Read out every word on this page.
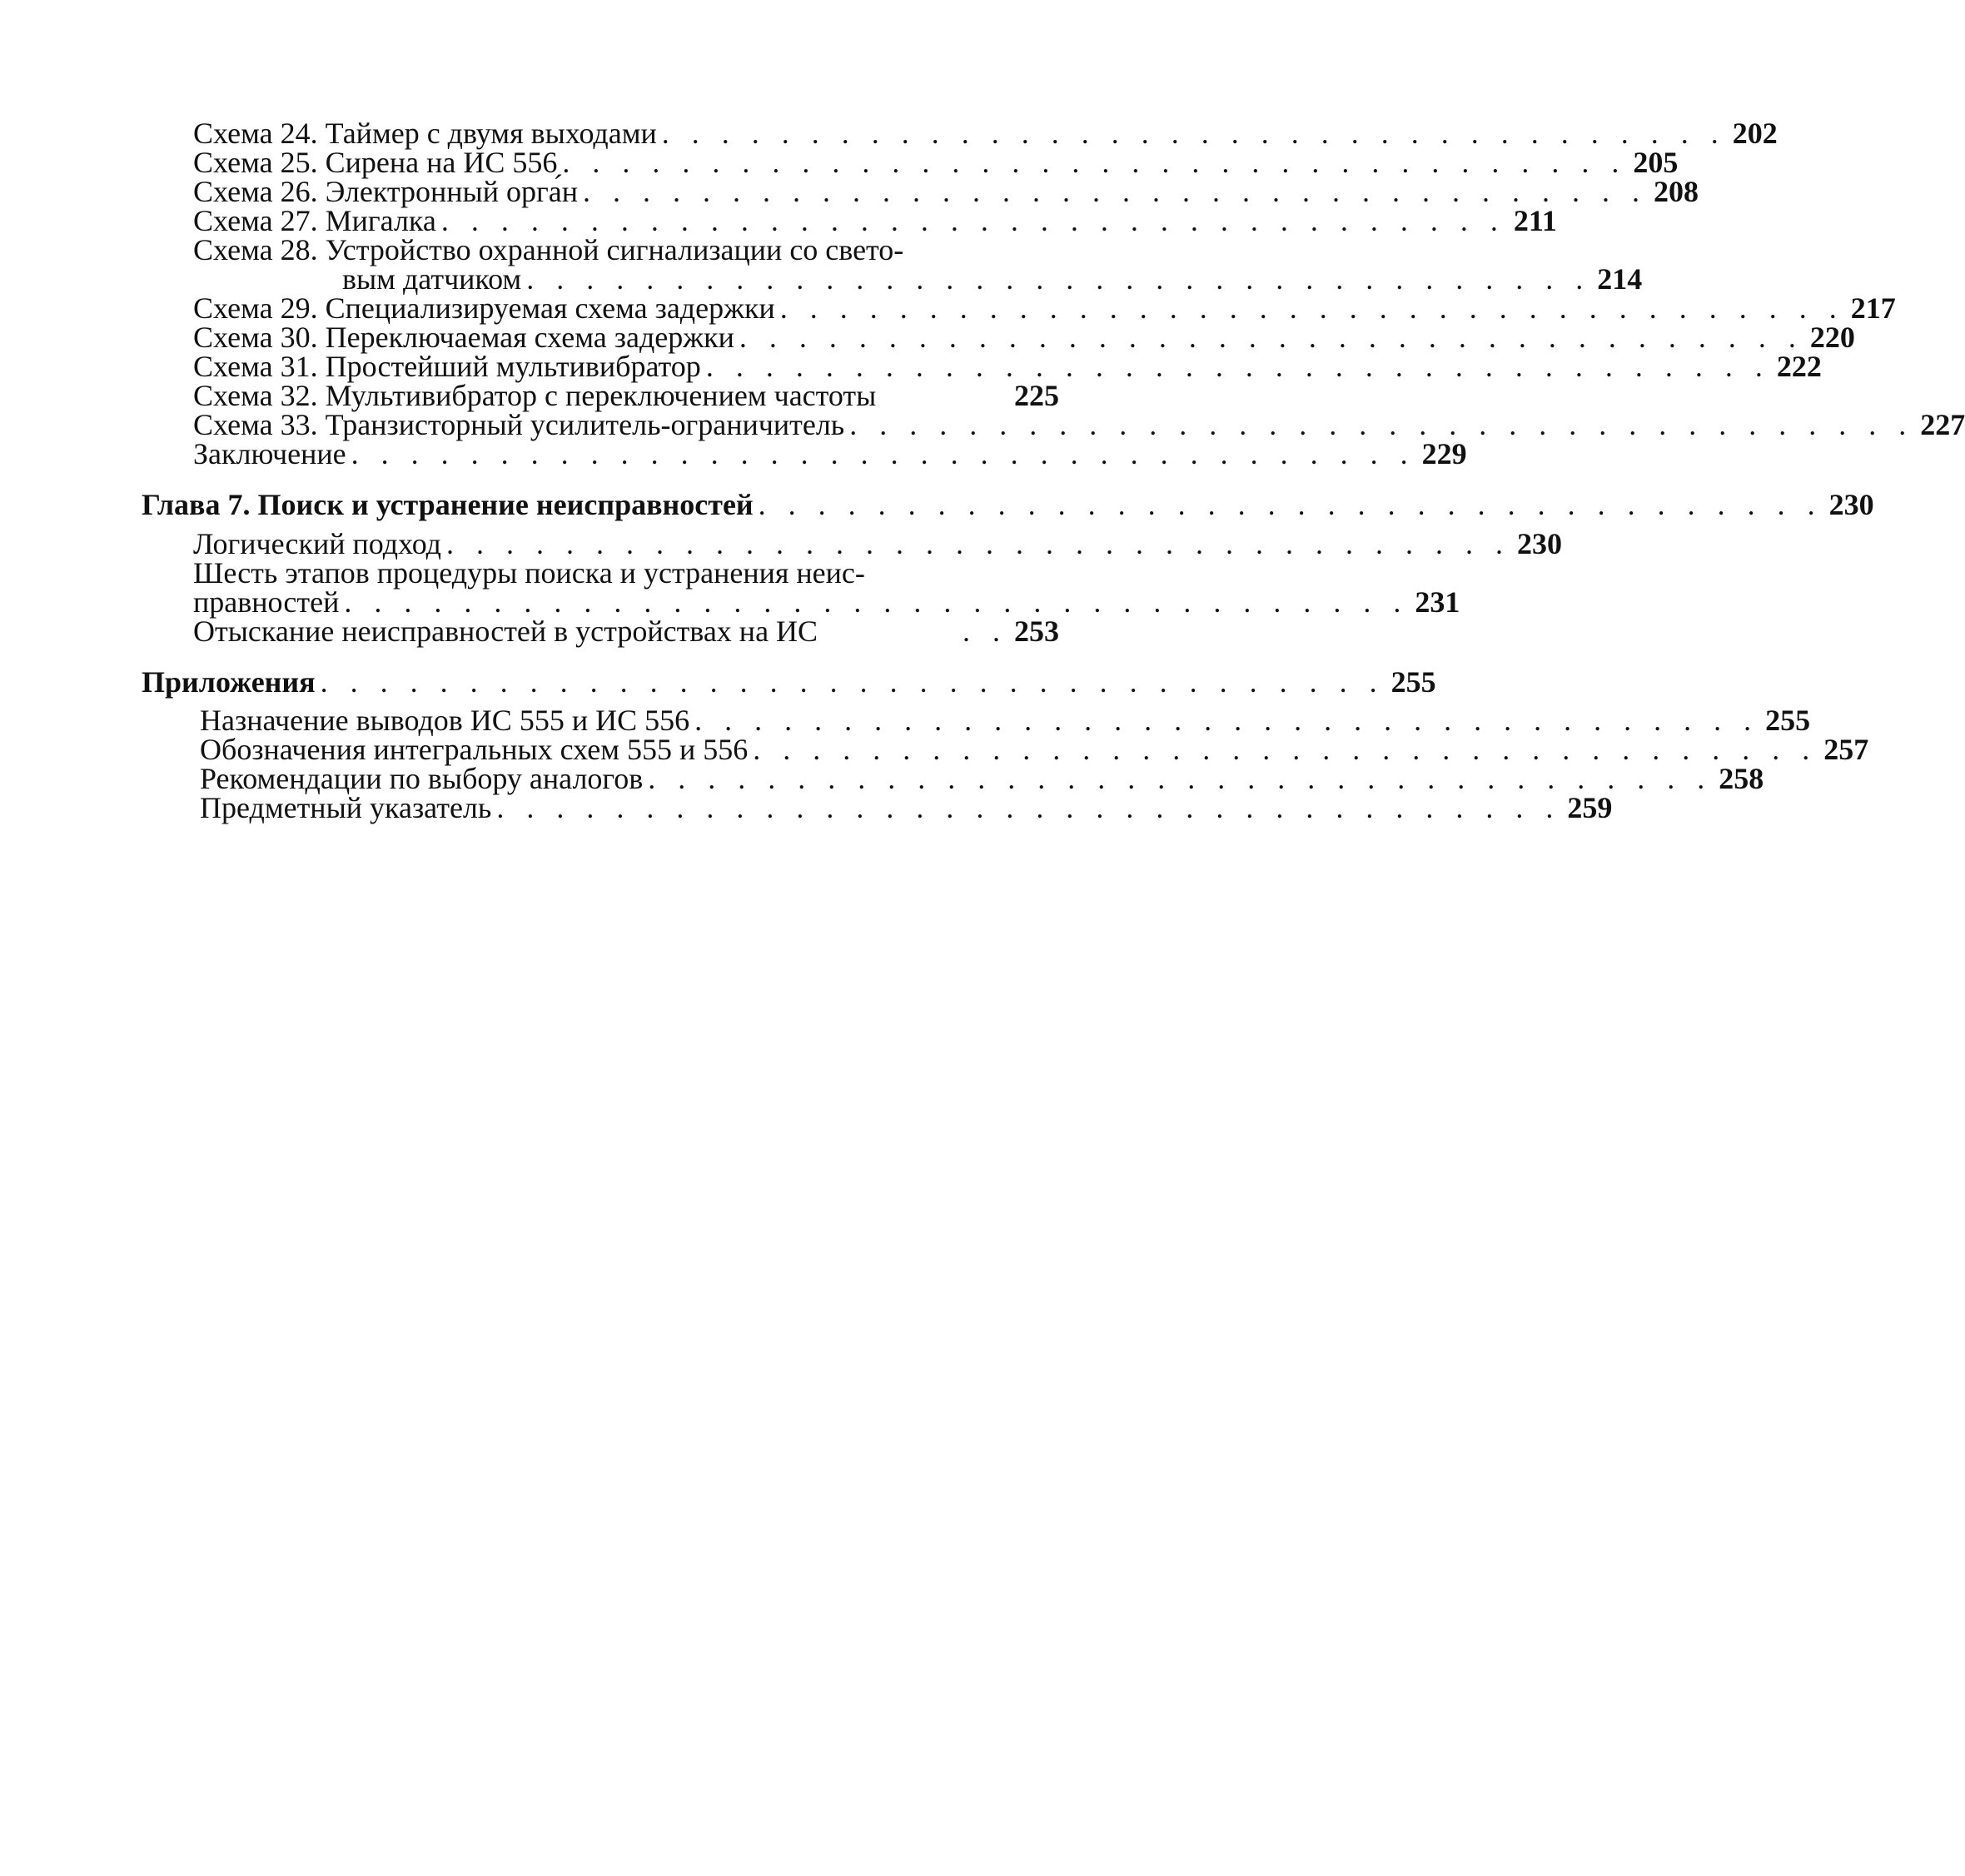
Схема 24. Таймер с двумя выходами . . . . . . . . . . . . . . . . . . . . . . . . . . . . . . . . . . . . 202
Схема 25. Сирена на ИС 556 . . . . . . . . . . . . . . . . . . . . . . . . . . . . . . . . . . . . 205
Схема 26. Электронный орга́н . . . . . . . . . . . . . . . . . . . . . . . . . . . . . . . . . . . . 208
Схема 27. Мигалка . . . . . . . . . . . . . . . . . . . . . . . . . . . . . . . . . . . . 211
Схема 28. Устройство охранной сигнализации со свето-
вым датчиком . . . . . . . . . . . . . . . . . . . . . . . . . . . . . . . . . . . . 214
Схема 29. Специализируемая схема задержки . . . . . . . . . . . . . . . . . . . . . . . . . . . . . . . . . . . . 217
Схема 30. Переключаемая схема задержки . . . . . . . . . . . . . . . . . . . . . . . . . . . . . . . . . . . . 220
Схема 31. Простейший мультивибратор . . . . . . . . . . . . . . . . . . . . . . . . . . . . . . . . . . . . 222
Схема 32. Мультивибратор с переключением частоты	225
Схема 33. Транзисторный усилитель-ограничитель . . . . . . . . . . . . . . . . . . . . . . . . . . . . . . . . . . . . 227
Заключение . . . . . . . . . . . . . . . . . . . . . . . . . . . . . . . . . . . . 229
Глава 7. Поиск и устранение неисправностей . . . . . . . . . . . . . . . . . . . . . . . . . . . . . . . . . . . . 230
Логический подход . . . . . . . . . . . . . . . . . . . . . . . . . . . . . . . . . . . . 230
Шесть этапов процедуры поиска и устранения неис-
правностей . . . . . . . . . . . . . . . . . . . . . . . . . . . . . . . . . . . . 231
Отыскание неисправностей в устройствах на ИС	. . 253
Приложения . . . . . . . . . . . . . . . . . . . . . . . . . . . . . . . . . . . . 255
Назначение выводов ИС 555 и ИС 556 . . . . . . . . . . . . . . . . . . . . . . . . . . . . . . . . . . . . 255
Обозначения интегральных схем 555 и 556 . . . . . . . . . . . . . . . . . . . . . . . . . . . . . . . . . . . . 257
Рекомендации по выбору аналогов . . . . . . . . . . . . . . . . . . . . . . . . . . . . . . . . . . . . 258
Предметный указатель . . . . . . . . . . . . . . . . . . . . . . . . . . . . . . . . . . . . 259
